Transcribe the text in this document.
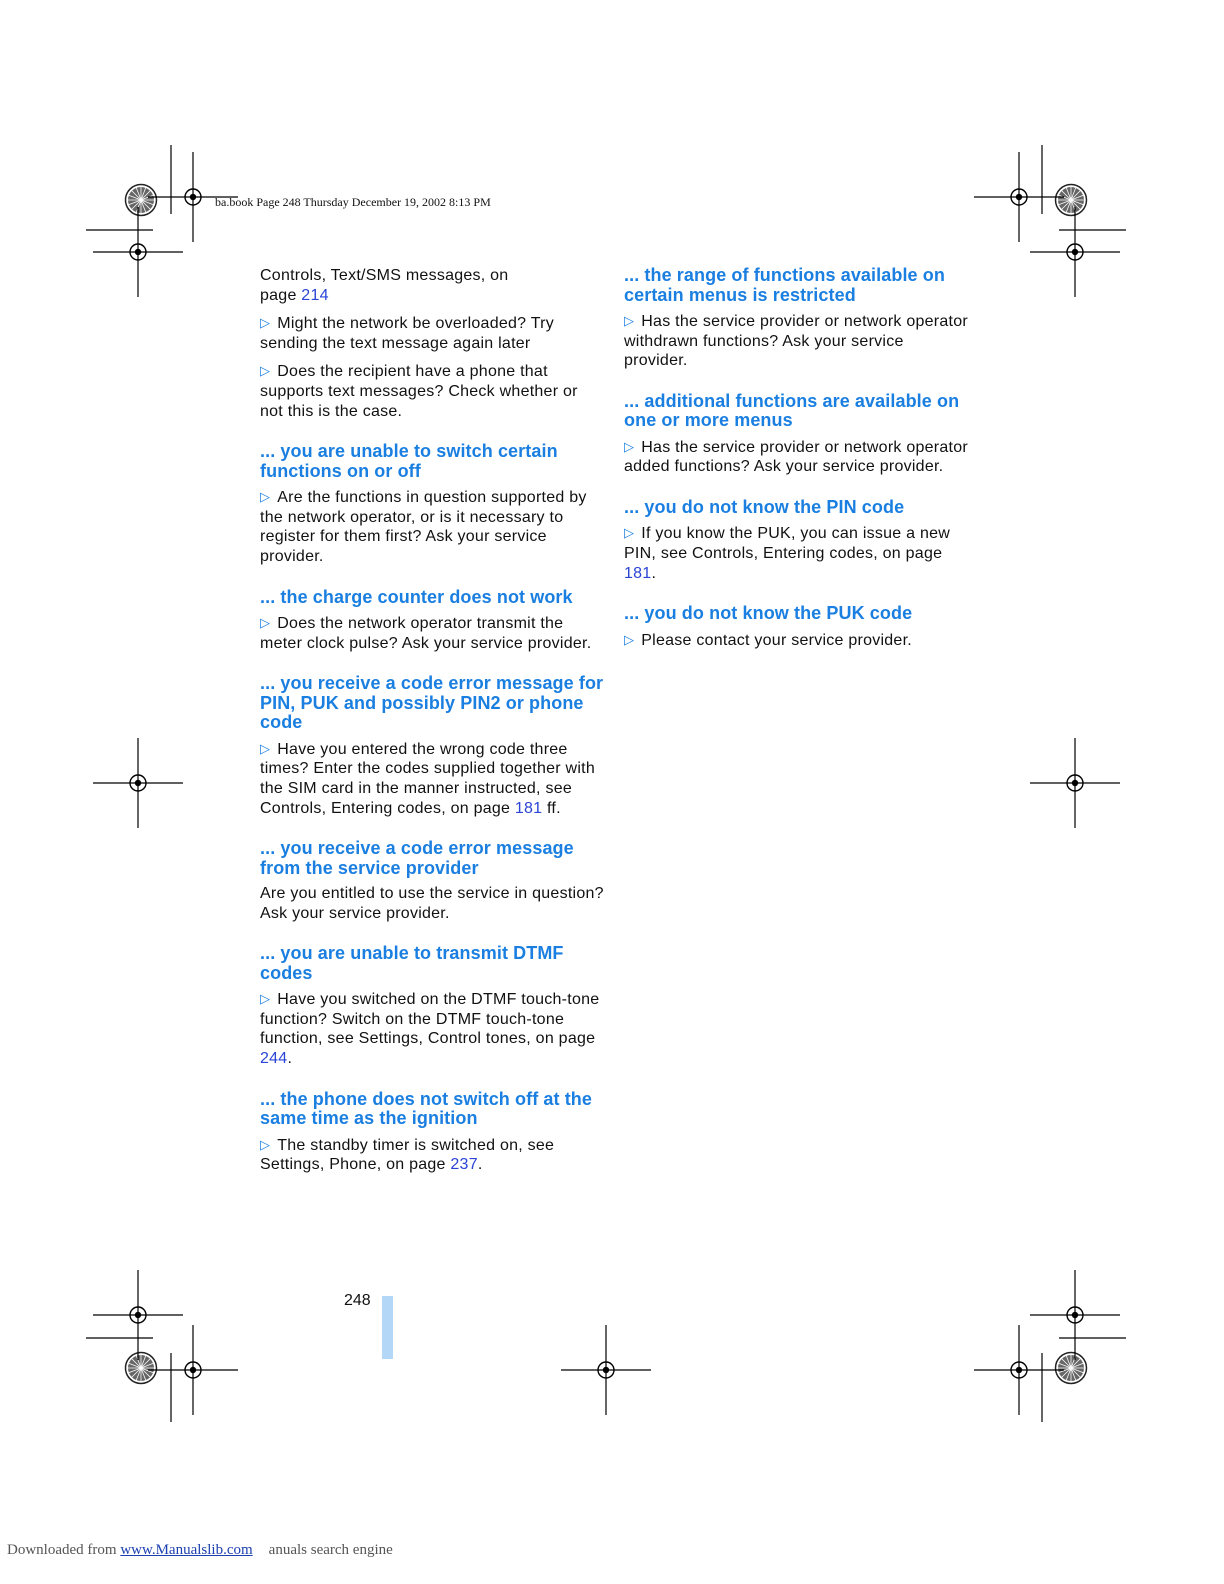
ba.book Page 248 Thursday December 19, 2002 8:13 PM

Controls, Text/SMS messages, on
page 214

▷ Might the network be overloaded? Try sending the text message again later

▷ Does the recipient have a phone that supports text messages? Check whether or not this is the case.

... you are unable to switch certain functions on or off

▷ Are the functions in question supported by the network operator, or is it necessary to register for them first? Ask your service provider.

... the charge counter does not work

▷ Does the network operator transmit the meter clock pulse? Ask your service provider.

... you receive a code error message for PIN, PUK and possibly PIN2 or phone code

▷ Have you entered the wrong code three times? Enter the codes supplied together with the SIM card in the manner instructed, see Controls, Entering codes, on page 181 ff.

... you receive a code error message from the service provider

Are you entitled to use the service in question? Ask your service provider.

... you are unable to transmit DTMF codes

▷ Have you switched on the DTMF touch-tone function? Switch on the DTMF touch-tone function, see Settings, Control tones, on page 244.

... the phone does not switch off at the same time as the ignition

▷ The standby timer is switched on, see Settings, Phone, on page 237.

... the range of functions available on certain menus is restricted

▷ Has the service provider or network operator withdrawn functions? Ask your service provider.

... additional functions are available on one or more menus

▷ Has the service provider or network operator added functions? Ask your service provider.

... you do not know the PIN code

▷ If you know the PUK, you can issue a new PIN, see Controls, Entering codes, on page 181.

... you do not know the PUK code

▷ Please contact your service provider.

248
Downloaded from www.Manualslib.com anuals search engine
